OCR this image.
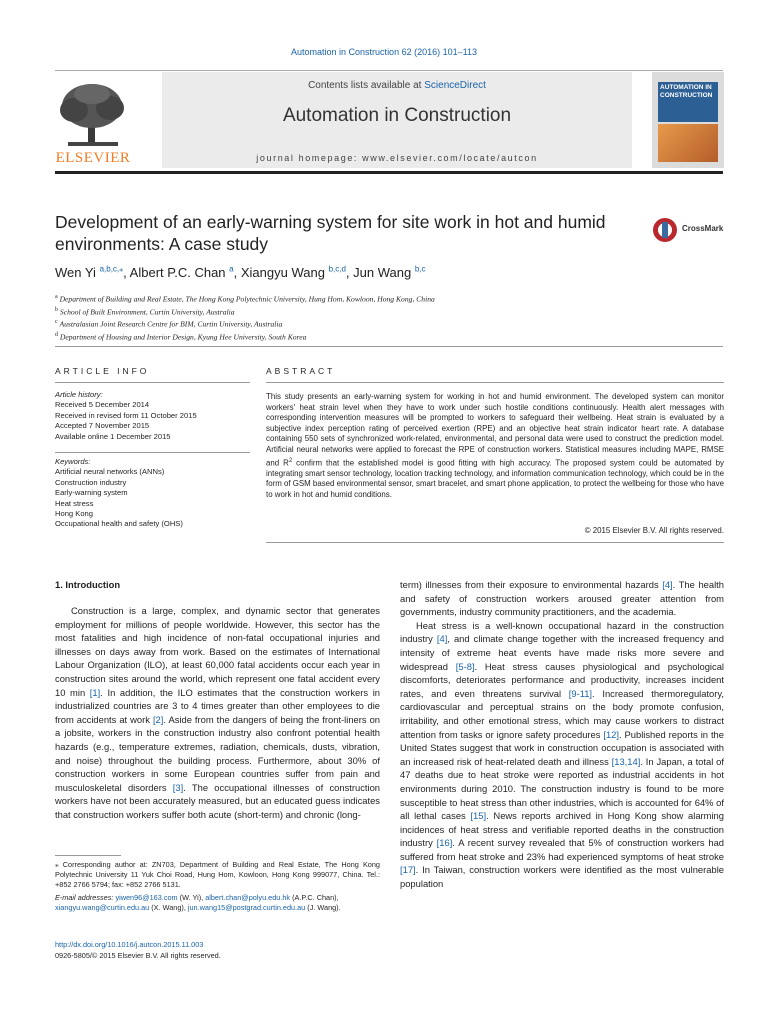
Automation in Construction 62 (2016) 101–113
ELSEVIER
Contents lists available at ScienceDirect
Automation in Construction
journal homepage: www.elsevier.com/locate/autcon
AUTOMATION IN
CONSTRUCTION
Development of an early-warning system for site work in hot and humid environments: A case study
CrossMark
Wen Yi $^{a,b,c,⁎}$, Albert P.C. Chan $^a$, Xiangyu Wang $^{b,c,d}$, Jun Wang $^{b,c}$
$^a$ Department of Building and Real Estate, The Hong Kong Polytechnic University, Hung Hom, Kowloon, Hong Kong, China
$^b$ School of Built Environment, Curtin University, Australia
$^c$ Australasian Joint Research Centre for BIM, Curtin University, Australia
$^d$ Department of Housing and Interior Design, Kyung Hee University, South Korea
ARTICLE INFO
Article history:
Received 5 December 2014
Received in revised form 11 October 2015
Accepted 7 November 2015
Available online 1 December 2015
Keywords:
Artificial neural networks (ANNs)
Construction industry
Early-warning system
Heat stress
Hong Kong
Occupational health and safety (OHS)
ABSTRACT
This study presents an early-warning system for working in hot and humid environment. The developed system can monitor workers' heat strain level when they have to work under such hostile conditions continuously. Health alert messages with corresponding intervention measures will be prompted to workers to safeguard their wellbeing. Heat strain is evaluated by a subjective index perception rating of perceived exertion (RPE) and an objective heat strain indicator heart rate. A database containing 550 sets of synchronized work-related, environmental, and personal data were used to construct the prediction model. Artificial neural networks were applied to forecast the RPE of construction workers. Statistical measures including MAPE, RMSE and $R^2$ confirm that the established model is good fitting with high accuracy. The proposed system could be automated by integrating smart sensor technology, location tracking technology, and information communication technology, which could be in the form of GSM based environmental sensor, smart bracelet, and smart phone application, to protect the wellbeing for those who have to work in hot and humid conditions.
© 2015 Elsevier B.V. All rights reserved.
1. Introduction

Construction is a large, complex, and dynamic sector that generates employment for millions of people worldwide. However, this sector has the most fatalities and high incidence of non-fatal occupational injuries and illnesses on days away from work. Based on the estimates of International Labour Organization (ILO), at least 60,000 fatal accidents occur each year in construction sites around the world, which represent one fatal accident every 10 min [1]. In addition, the ILO estimates that the construction workers in industrialized countries are 3 to 4 times greater than other employees to die from accidents at work [2]. Aside from the dangers of being the front-liners on a jobsite, workers in the construction industry also confront potential health hazards (e.g., temperature extremes, radiation, chemicals, dusts, vibration, and noise) throughout the building process. Furthermore, about 30% of construction workers in some European countries suffer from pain and musculoskeletal disorders [3]. The occupational illnesses of construction workers have not been accurately measured, but an educated guess indicates that construction workers suffer both acute (short-term) and chronic (long-

term) illnesses from their exposure to environmental hazards [4]. The health and safety of construction workers aroused greater attention from governments, industry community practitioners, and the academia.

Heat stress is a well-known occupational hazard in the construction industry [4], and climate change together with the increased frequency and intensity of extreme heat events have made risks more severe and widespread [5-8]. Heat stress causes physiological and psychological discomforts, deteriorates performance and productivity, increases incident rates, and even threatens survival [9-11]. Increased thermoregulatory, cardiovascular and perceptual strains on the body promote confusion, irritability, and other emotional stress, which may cause workers to distract attention from tasks or ignore safety procedures [12]. Published reports in the United States suggest that work in construction occupation is associated with an increased risk of heat-related death and illness [13,14]. In Japan, a total of 47 deaths due to heat stroke were reported as industrial accidents in hot environments during 2010. The construction industry is found to be more susceptible to heat stress than other industries, which is accounted for 64% of all lethal cases [15]. News reports archived in Hong Kong show alarming incidences of heat stress and verifiable reported deaths in the construction industry [16]. A recent survey revealed that 5% of construction workers had suffered from heat stroke and 23% had experienced symptoms of heat stroke [17]. In Taiwan, construction workers were identified as the most vulnerable population

⁎ Corresponding author at: ZN703, Department of Building and Real Estate, The Hong Kong Polytechnic University 11 Yuk Choi Road, Hung Hom, Kowloon, Hong Kong 999077, China. Tel.: +852 2766 5794; fax: +852 2766 5131.
E-mail addresses: yiwen96@163.com (W. Yi), albert.chan@polyu.edu.hk (A.P.C. Chan), xiangyu.wang@curtin.edu.au (X. Wang), jun.wang15@postgrad.curtin.edu.au (J. Wang).
http://dx.doi.org/10.1016/j.autcon.2015.11.003
0926-5805/© 2015 Elsevier B.V. All rights reserved.
